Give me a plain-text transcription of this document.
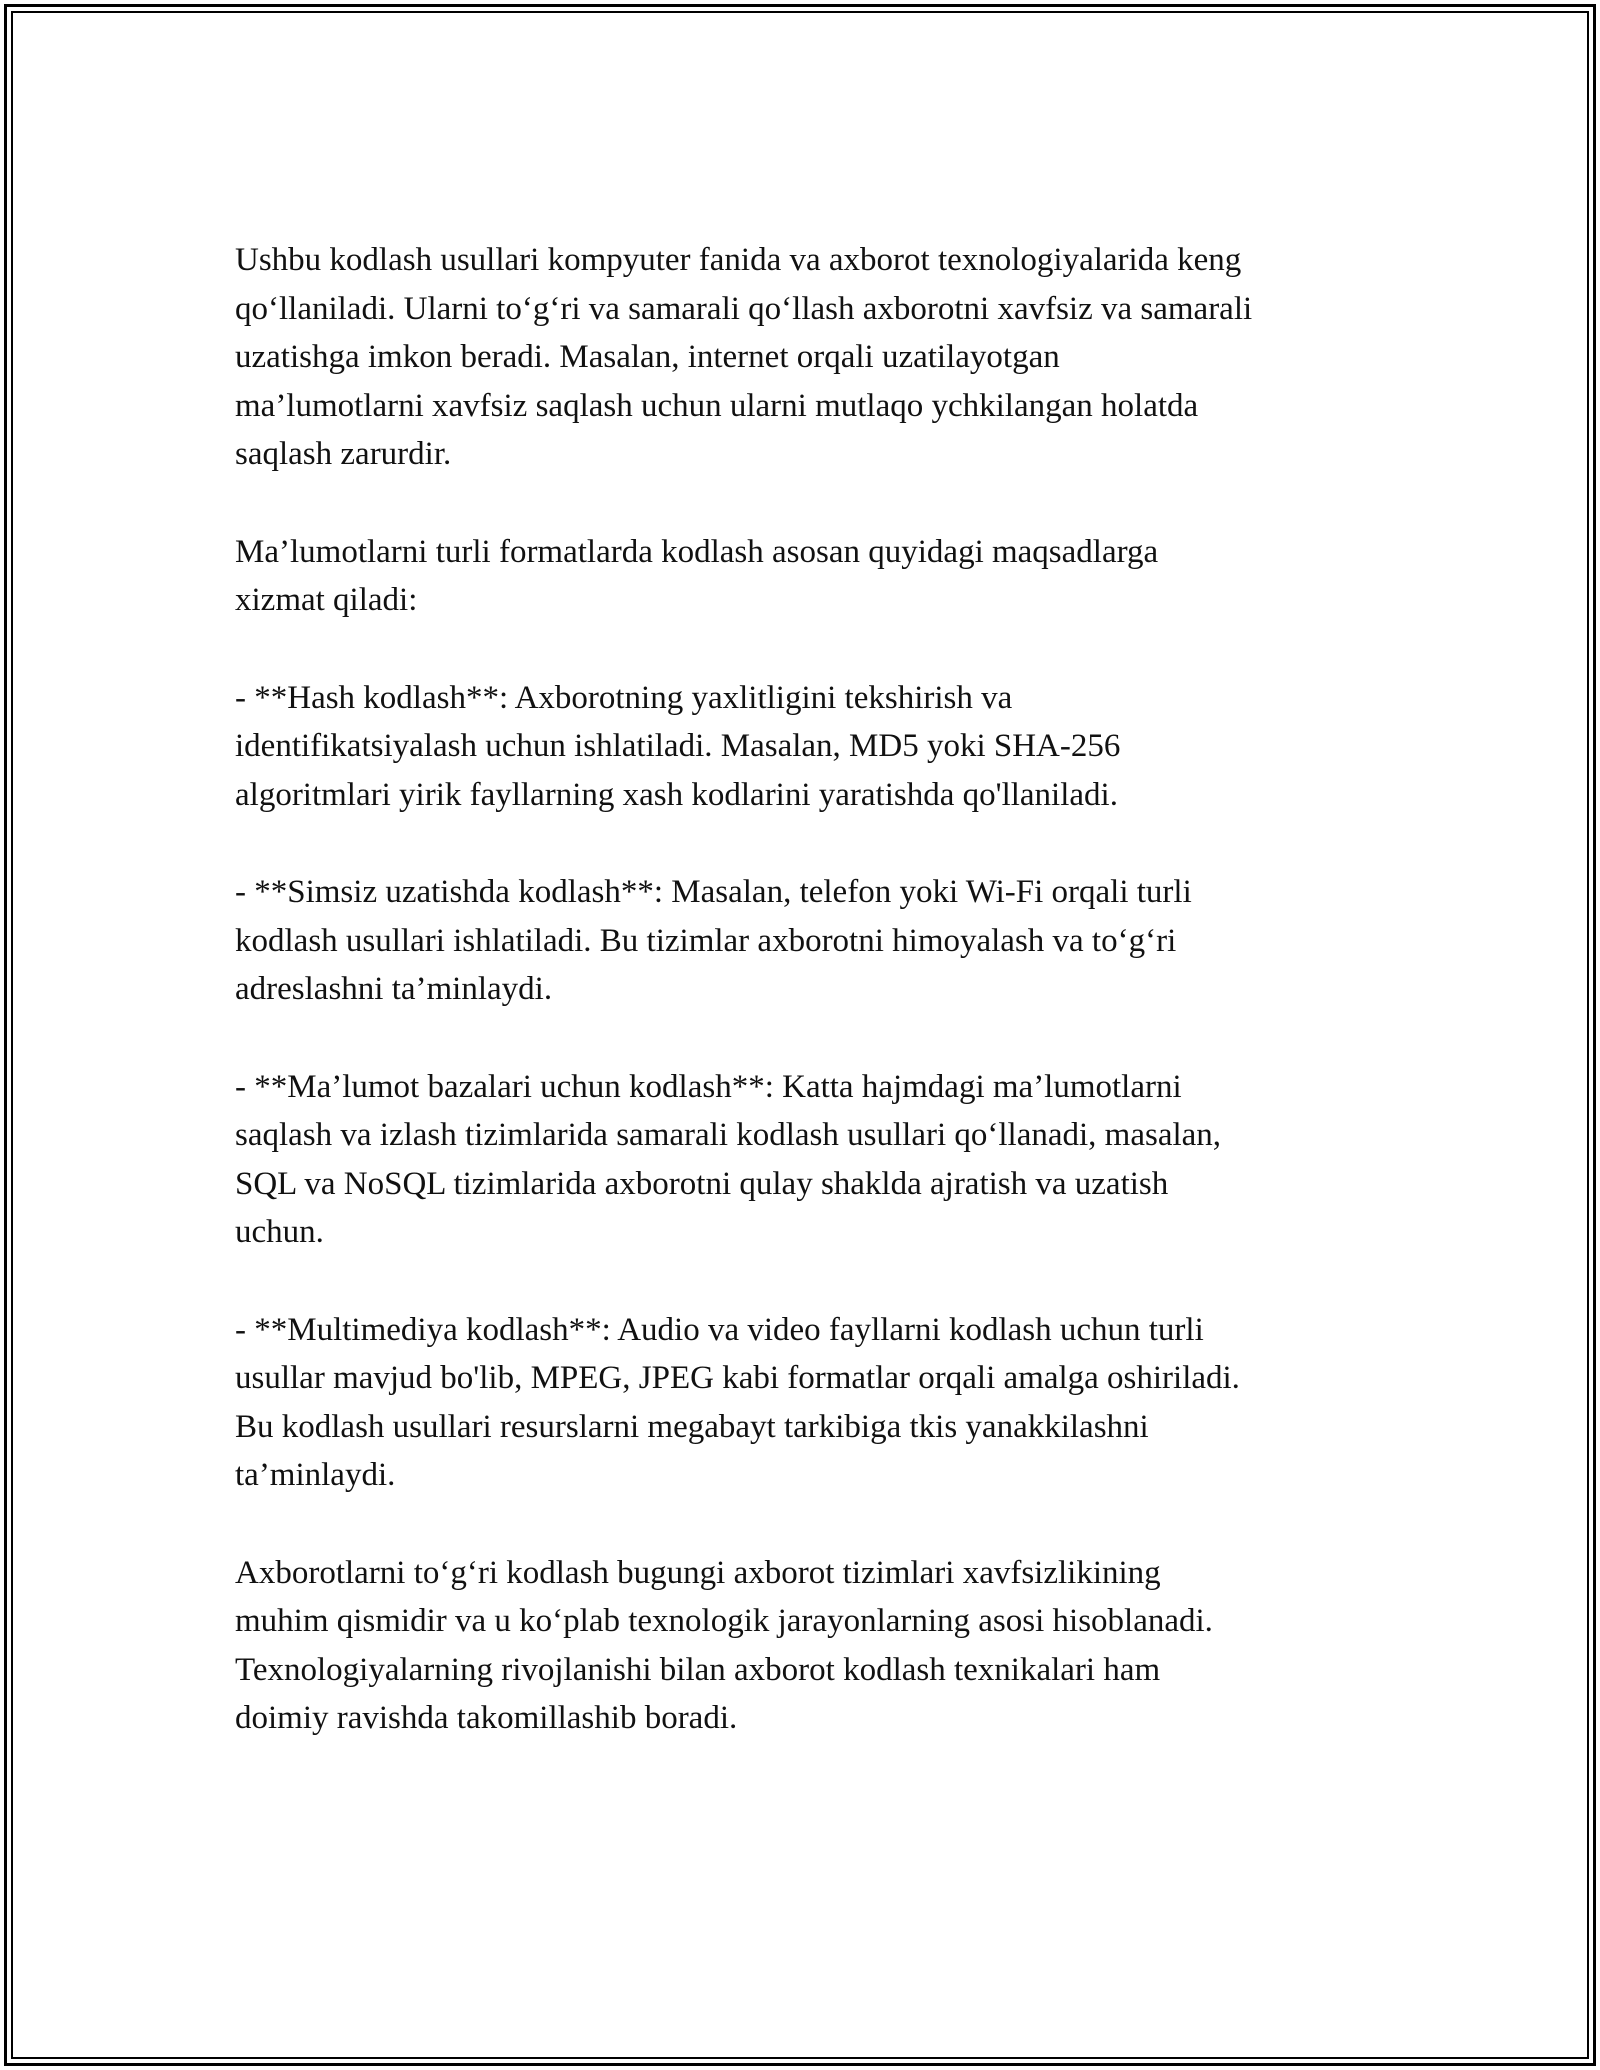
Ushbu kodlash usullari kompyuter fanida va axborot texnologiyalarida keng
qo‘llaniladi. Ularni to‘g‘ri va samarali qo‘llash axborotni xavfsiz va samarali
uzatishga imkon beradi. Masalan, internet orqali uzatilayotgan
ma’lumotlarni xavfsiz saqlash uchun ularni mutlaqo ychkilangan holatda
saqlash zarurdir.

Ma’lumotlarni turli formatlarda kodlash asosan quyidagi maqsadlarga
xizmat qiladi:

- **Hash kodlash**: Axborotning yaxlitligini tekshirish va
identifikatsiyalash uchun ishlatiladi. Masalan, MD5 yoki SHA-256
algoritmlari yirik fayllarning xash kodlarini yaratishda qo'llaniladi.

- **Simsiz uzatishda kodlash**: Masalan, telefon yoki Wi-Fi orqali turli
kodlash usullari ishlatiladi. Bu tizimlar axborotni himoyalash va to‘g‘ri
adreslashni ta’minlaydi.

- **Ma’lumot bazalari uchun kodlash**: Katta hajmdagi ma’lumotlarni
saqlash va izlash tizimlarida samarali kodlash usullari qo‘llanadi, masalan,
SQL va NoSQL tizimlarida axborotni qulay shaklda ajratish va uzatish
uchun.

- **Multimediya kodlash**: Audio va video fayllarni kodlash uchun turli
usullar mavjud bo'lib, MPEG, JPEG kabi formatlar orqali amalga oshiriladi.
Bu kodlash usullari resurslarni megabayt tarkibiga tkis yanakkilashni
ta’minlaydi.

Axborotlarni to‘g‘ri kodlash bugungi axborot tizimlari xavfsizlikining
muhim qismidir va u ko‘plab texnologik jarayonlarning asosi hisoblanadi.
Texnologiyalarning rivojlanishi bilan axborot kodlash texnikalari ham
doimiy ravishda takomillashib boradi.
